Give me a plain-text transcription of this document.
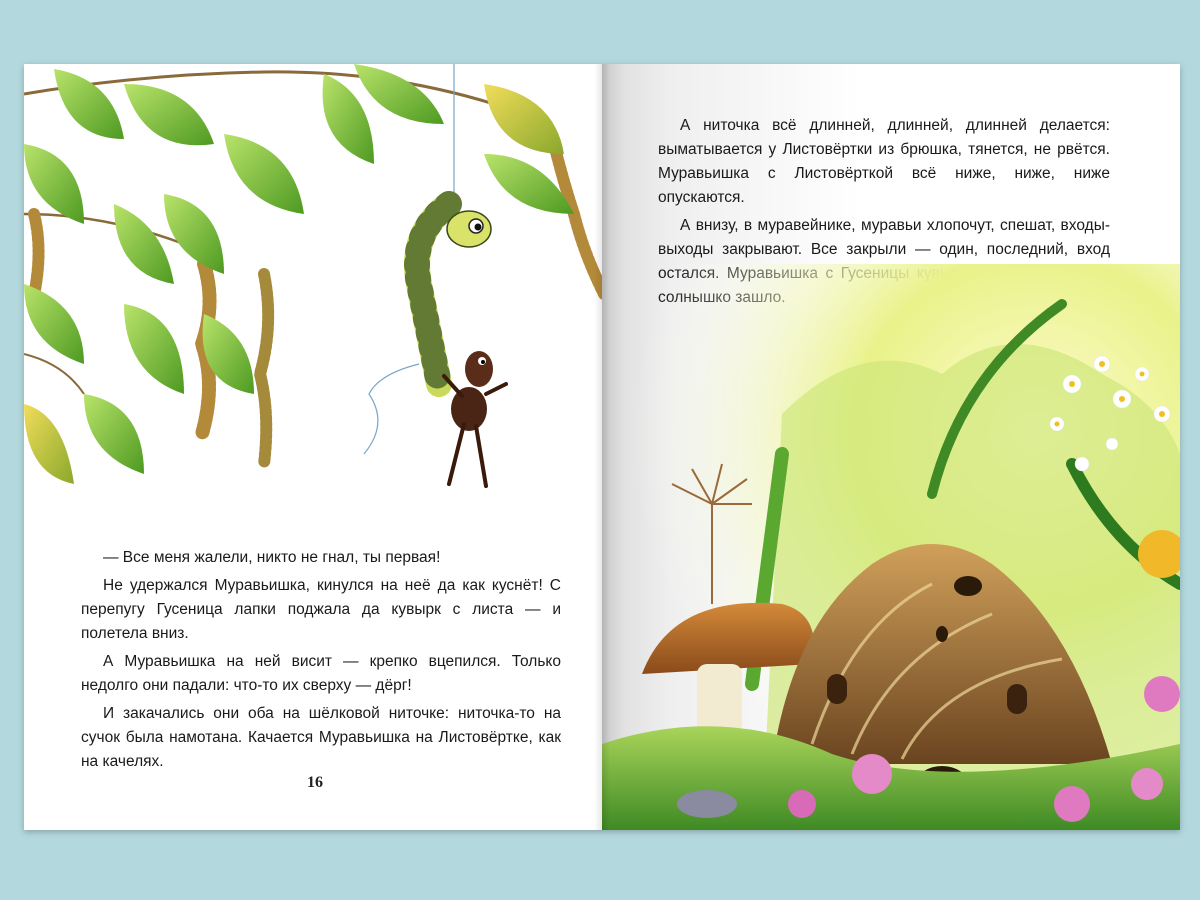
— Все меня жалели, никто не гнал, ты первая!

Не удержался Муравьишка, кинулся на неё да как куснёт! С перепугу Гусеница лапки поджала да кувырк с листа — и полетела вниз.

А Муравьишка на ней висит — крепко вцепился. Только недолго они падали: что-то их сверху — дёрг!

И закачались они оба на шёлковой ниточке: ниточка-то на сучок была намотана. Качается Муравьишка на Листовёртке, как на качелях.

16

А ниточка всё длинней, длинней, длинней делается: выматывается у Листовёртки из брюшка, тянется, не рвётся. Муравьишка с Листовёрткой всё ниже, ниже, ниже опускаются.

А внизу, в муравейнике, муравьи хлопочут, спешат, входы-выходы закрывают. Все закрыли — один, последний, вход
